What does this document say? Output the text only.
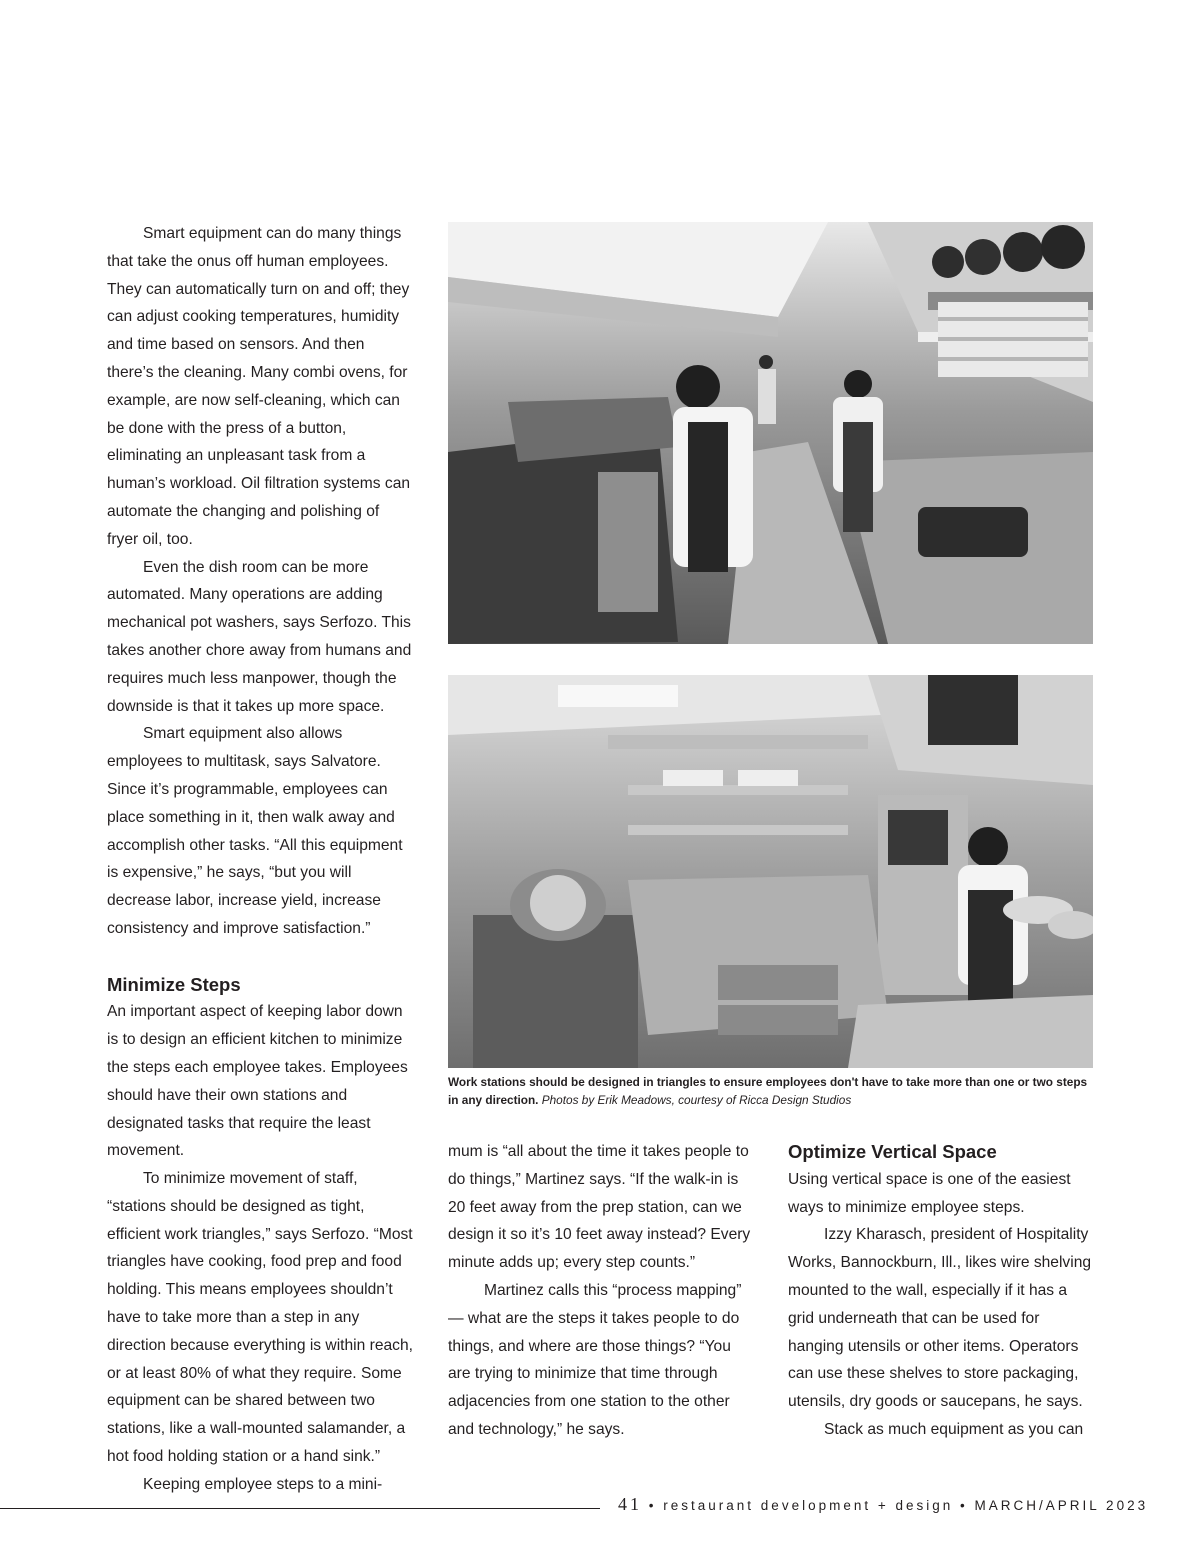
Smart equipment can do many things that take the onus off human employees. They can automatically turn on and off; they can adjust cooking temperatures, humidity and time based on sensors. And then there’s the cleaning. Many combi ovens, for example, are now self-cleaning, which can be done with the press of a button, eliminating an unpleasant task from a human’s workload. Oil filtration systems can automate the changing and polishing of fryer oil, too.

Even the dish room can be more automated. Many operations are adding mechanical pot washers, says Serfozo. This takes another chore away from humans and requires much less manpower, though the downside is that it takes up more space.

Smart equipment also allows employees to multitask, says Salvatore. Since it’s programmable, employees can place something in it, then walk away and accomplish other tasks. “All this equipment is expensive,” he says, “but you will decrease labor, increase yield, increase consistency and improve satisfaction.”

Minimize Steps

An important aspect of keeping labor down is to design an efficient kitchen to minimize the steps each employee takes. Employees should have their own stations and designated tasks that require the least movement.

To minimize movement of staff, “stations should be designed as tight, efficient work triangles,” says Serfozo. “Most triangles have cooking, food prep and food holding. This means employees shouldn’t have to take more than a step in any direction because everything is within reach, or at least 80% of what they require. Some equipment can be shared between two stations, like a wall-mounted salamander, a hot food holding station or a hand sink.”

Keeping employee steps to a mini-

Work stations should be designed in triangles to ensure employees don't have to take more than one or two steps in any direction. Photos by Erik Meadows, courtesy of Ricca Design Studios

mum is “all about the time it takes people to do things,” Martinez says. “If the walk-in is 20 feet away from the prep station, can we design it so it’s 10 feet away instead? Every minute adds up; every step counts.”

Martinez calls this “process mapping” — what are the steps it takes people to do things, and where are those things? “You are trying to minimize that time through adjacencies from one station to the other and technology,” he says.

Optimize Vertical Space

Using vertical space is one of the easiest ways to minimize employee steps.

Izzy Kharasch, president of Hospitality Works, Bannockburn, Ill., likes wire shelving mounted to the wall, especially if it has a grid underneath that can be used for hanging utensils or other items. Operators can use these shelves to store packaging, utensils, dry goods or saucepans, he says.

Stack as much equipment as you can

41 • restaurant development + design • MARCH/APRIL 2023
